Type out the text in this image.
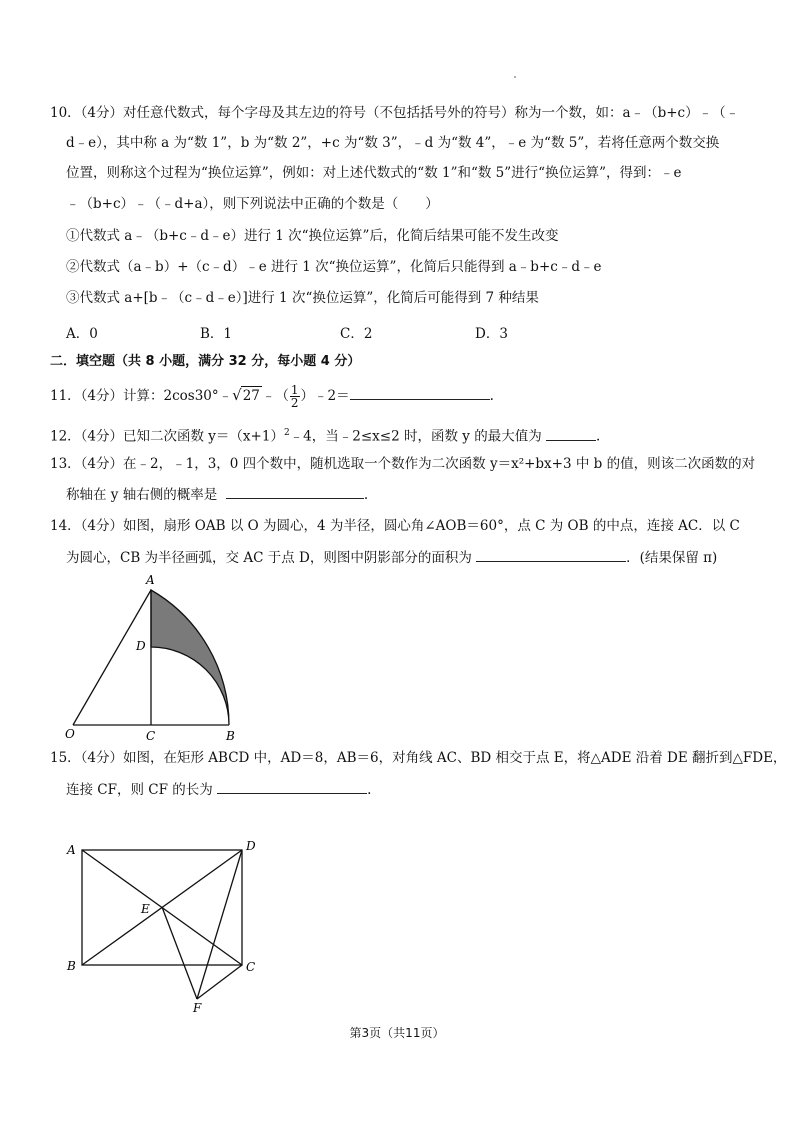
10．（4分）对任意代数式，每个字母及其左边的符号（不包括括号外的符号）称为一个数，如：a﹣（b+c）﹣（﹣
d﹣e），其中称 a 为“数 1”，b 为“数 2”，+c 为“数 3”，﹣d 为“数 4”，﹣e 为“数 5”，若将任意两个数交换
位置，则称这个过程为“换位运算”，例如：对上述代数式的“数 1”和“数 5”进行“换位运算”，得到：﹣e
﹣（b+c）﹣（﹣d+a），则下列说法中正确的个数是（　　）
①代数式 a﹣（b+c﹣d﹣e）进行 1 次“换位运算”后，化简后结果可能不发生改变
②代数式（a﹣b）+（c﹣d）﹣e 进行 1 次“换位运算”，化简后只能得到 a﹣b+c﹣d﹣e
③代数式 a+[b﹣（c﹣d﹣e）]进行 1 次“换位运算”，化简后可能得到 7 种结果
A．0	B．1	C．2	D．3
二．填空题（共 8 小题，满分 32 分，每小题 4 分）
11．（4分）计算：2cos30°﹣√27 ﹣（ $\frac{1}{2}$ ）﹣2＝	.
12．（4分）已知二次函数 $y=(x+1)^2﹣4$，当﹣2≤x≤2 时，函数 y 的最大值为	.
13．（4分）在﹣2，﹣1，3，0 四个数中，随机选取一个数作为二次函数 y＝x²+bx+3 中 b 的值，则该二次函数的对
称轴在 y 轴右侧的概率是	.
14．（4分）如图，扇形 OAB 以 O 为圆心，4 为半径，圆心角∠AOB＝60°，点 C 为 OB 的中点，连接 AC．以 C
为圆心，CB 为半径画弧，交 AC 于点 D，则图中阴影部分的面积为	．(结果保留 π)
A
D
O	C	B
15．（4分）如图，在矩形 ABCD 中，AD＝8，AB＝6，对角线 AC、BD 相交于点 E，将△ADE 沿着 DE 翻折到△FDE，
连接 CF，则 CF 的长为	.
A	D
E
B	C
F
第3页（共11页）
